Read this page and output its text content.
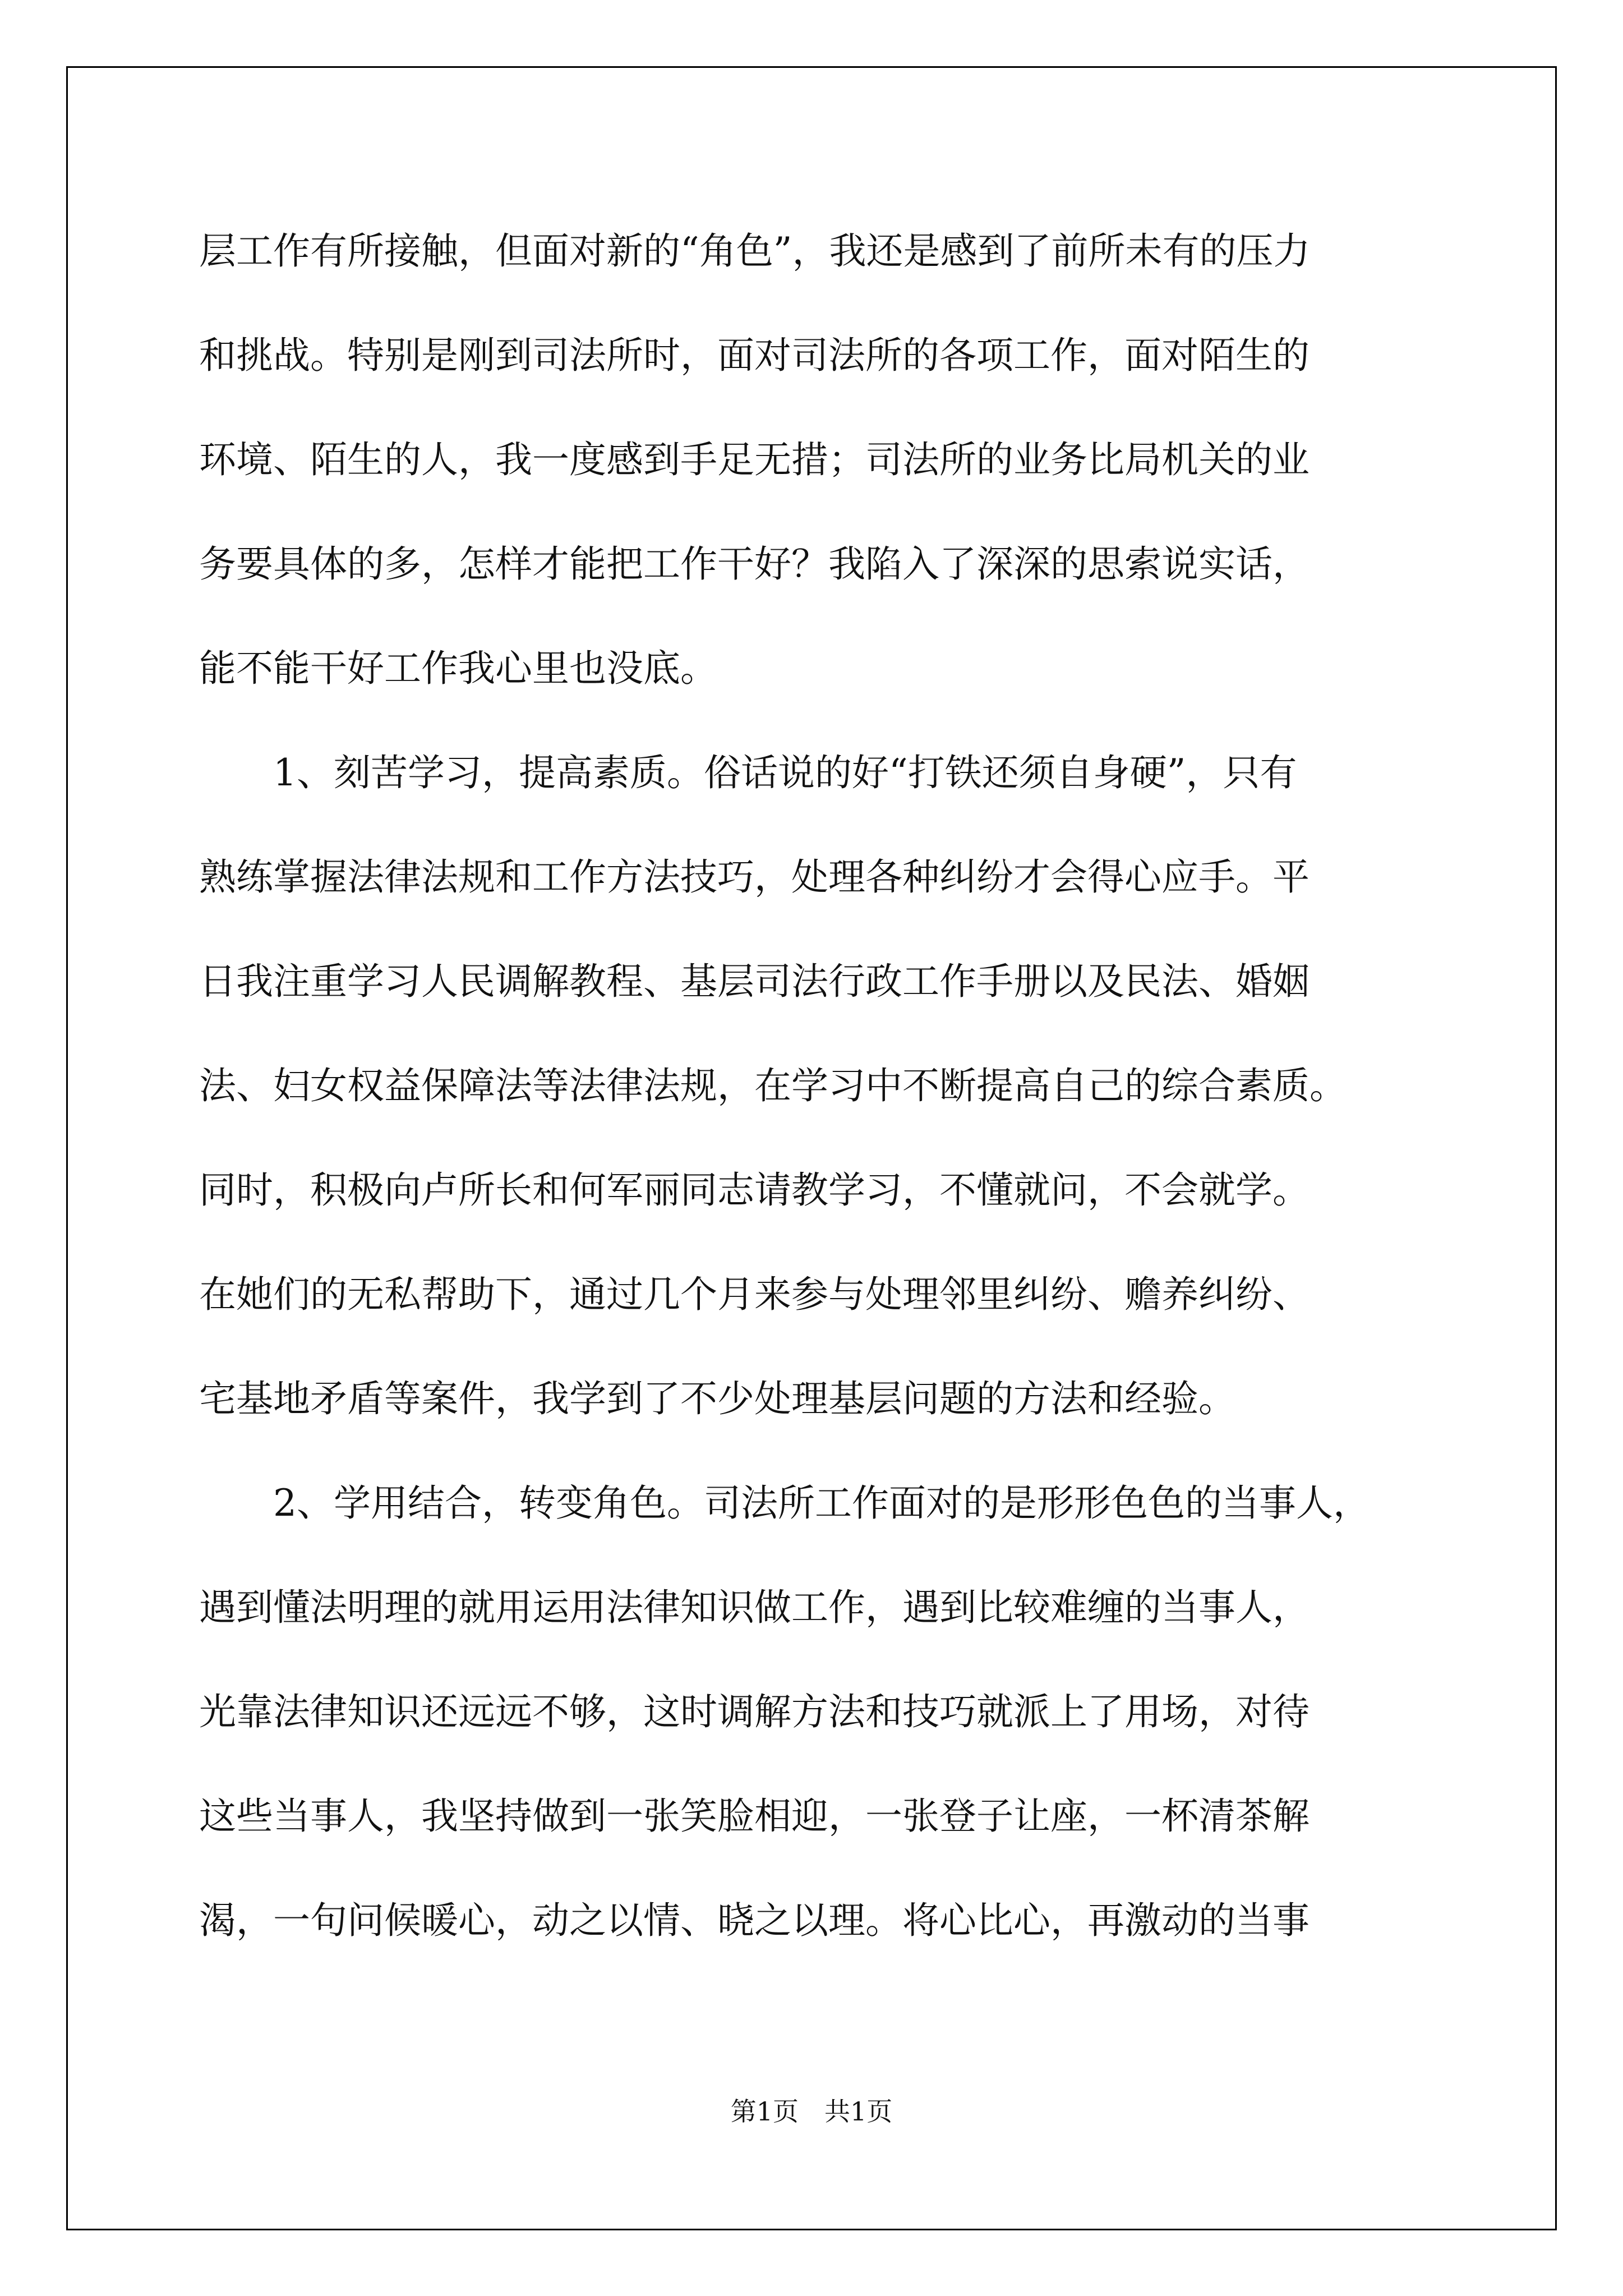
层工作有所接触，但面对新的“角色”，我还是感到了前所未有的压力
和挑战。特别是刚到司法所时，面对司法所的各项工作，面对陌生的
环境、陌生的人，我一度感到手足无措；司法所的业务比局机关的业
务要具体的多，怎样才能把工作干好？我陷入了深深的思索说实话，
能不能干好工作我心里也没底。
　　1、刻苦学习，提高素质。俗话说的好“打铁还须自身硬”，只有
熟练掌握法律法规和工作方法技巧，处理各种纠纷才会得心应手。平
日我注重学习人民调解教程、基层司法行政工作手册以及民法、婚姻
法、妇女权益保障法等法律法规，在学习中不断提高自己的综合素质。
同时，积极向卢所长和何军丽同志请教学习，不懂就问，不会就学。
在她们的无私帮助下，通过几个月来参与处理邻里纠纷、赡养纠纷、
宅基地矛盾等案件，我学到了不少处理基层问题的方法和经验。
　　2、学用结合，转变角色。司法所工作面对的是形形色色的当事人，
遇到懂法明理的就用运用法律知识做工作，遇到比较难缠的当事人，
光靠法律知识还远远不够，这时调解方法和技巧就派上了用场，对待
这些当事人，我坚持做到一张笑脸相迎，一张登子让座，一杯清茶解
渴，一句问候暖心，动之以情、晓之以理。将心比心，再激动的当事
第1页　共1页
